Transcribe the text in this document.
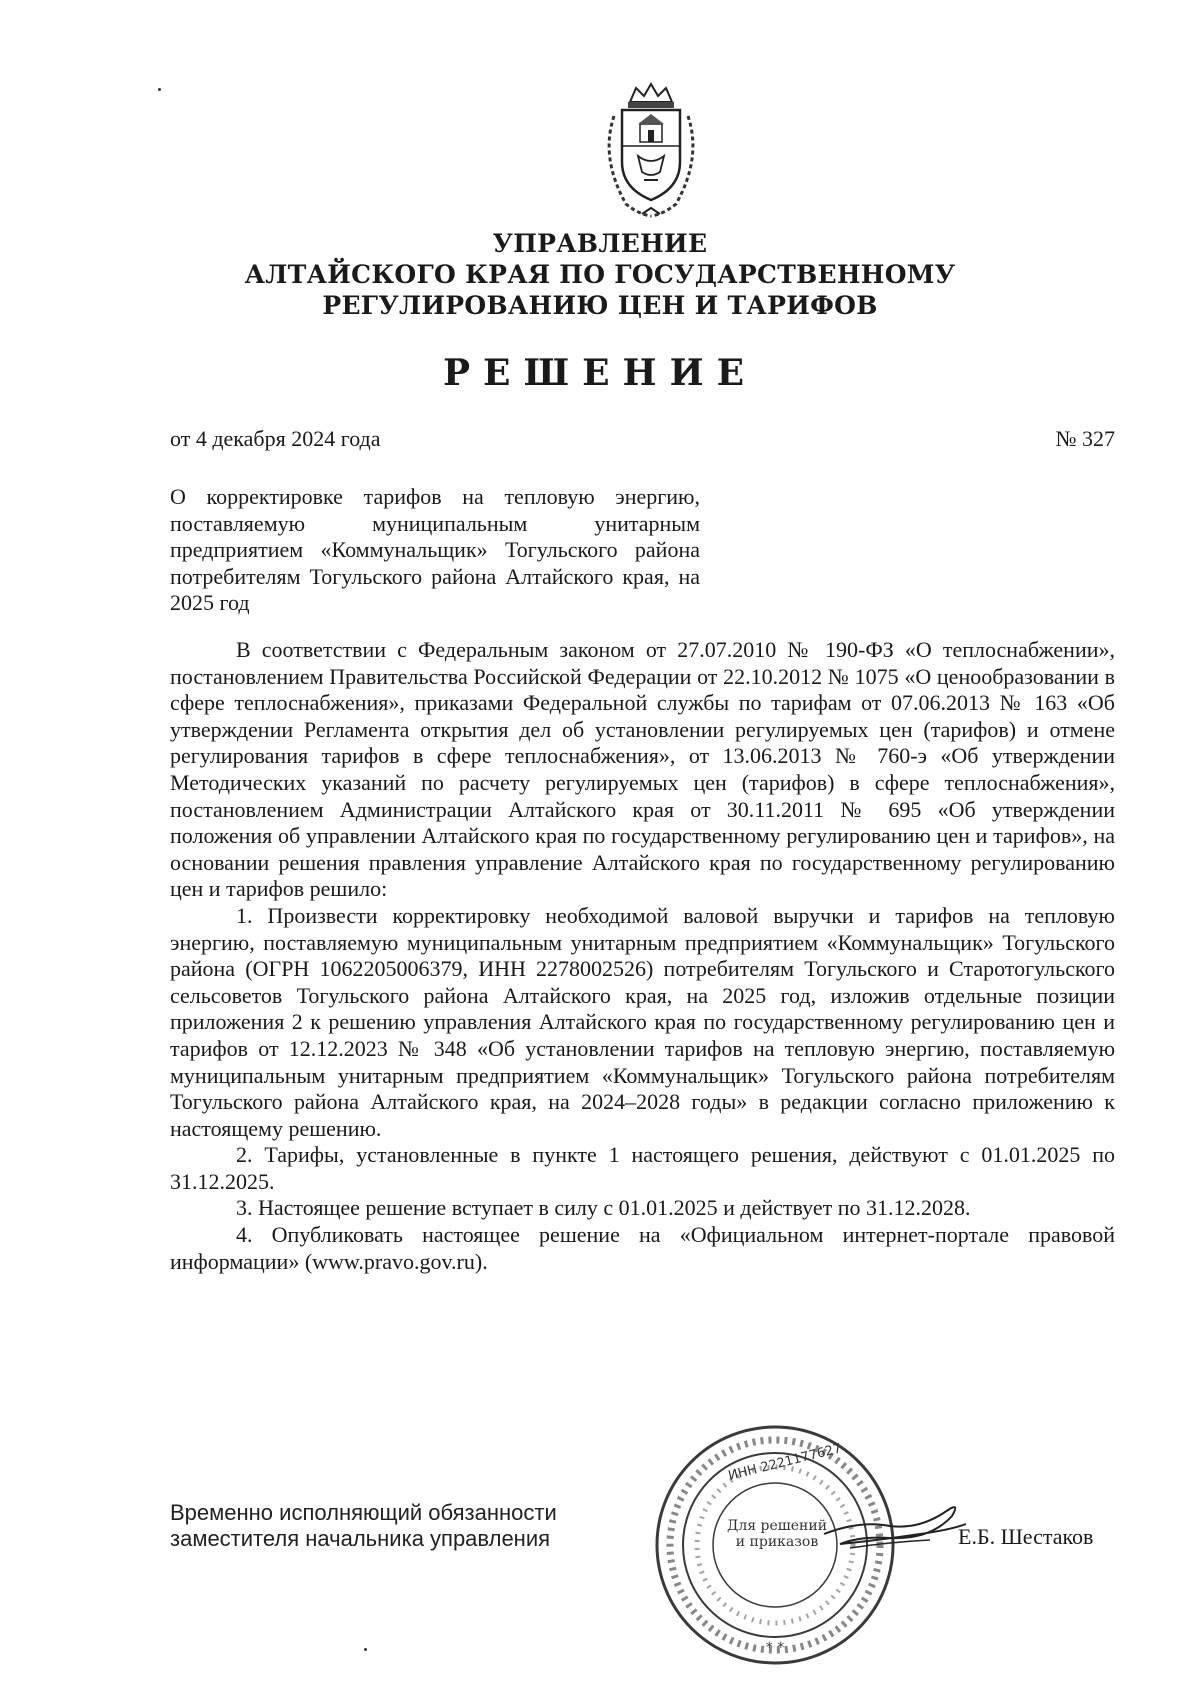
УПРАВЛЕНИЕ
АЛТАЙСКОГО КРАЯ ПО ГОСУДАРСТВЕННОМУ
РЕГУЛИРОВАНИЮ ЦЕН И ТАРИФОВ
РЕШЕНИЕ
от 4 декабря 2024 года	№ 327
О корректировке тарифов на тепловую энергию, поставляемую муниципальным унитарным предприятием «Коммунальщик» Тогульского района потребителям Тогульского района Алтайского края, на 2025 год

В соответствии с Федеральным законом от 27.07.2010 № 190-ФЗ «О теплоснабжении», постановлением Правительства Российской Федерации от 22.10.2012 № 1075 «О ценообразовании в сфере теплоснабжения», приказами Федеральной службы по тарифам от 07.06.2013 № 163 «Об утверждении Регламента открытия дел об установлении регулируемых цен (тарифов) и отмене регулирования тарифов в сфере теплоснабжения», от 13.06.2013 № 760-э «Об утверждении Методических указаний по расчету регулируемых цен (тарифов) в сфере теплоснабжения», постановлением Администрации Алтайского края от 30.11.2011 № 695 «Об утверждении положения об управлении Алтайского края по государственному регулированию цен и тарифов», на основании решения правления управление Алтайского края по государственному регулированию цен и тарифов решило:

1. Произвести корректировку необходимой валовой выручки и тарифов на тепловую энергию, поставляемую муниципальным унитарным предприятием «Коммунальщик» Тогульского района (ОГРН 1062205006379, ИНН 2278002526) потребителям Тогульского и Старотогульского сельсоветов Тогульского района Алтайского края, на 2025 год, изложив отдельные позиции приложения 2 к решению управления Алтайского края по государственному регулированию цен и тарифов от 12.12.2023 № 348 «Об установлении тарифов на тепловую энергию, поставляемую муниципальным унитарным предприятием «Коммунальщик» Тогульского района потребителям Тогульского района Алтайского края, на 2024–2028 годы» в редакции согласно приложению к настоящему решению.

2. Тарифы, установленные в пункте 1 настоящего решения, действуют с 01.01.2025 по 31.12.2025.

3. Настоящее решение вступает в силу с 01.01.2025 и действует по 31.12.2028.

4. Опубликовать настоящее решение на «Официальном интернет-портале правовой информации» (www.pravo.gov.ru).

Временно исполняющий обязанности
заместителя начальника управления
* *
ИНН 2221177627
Для решений
и приказов	Е.Б. Шестаков
